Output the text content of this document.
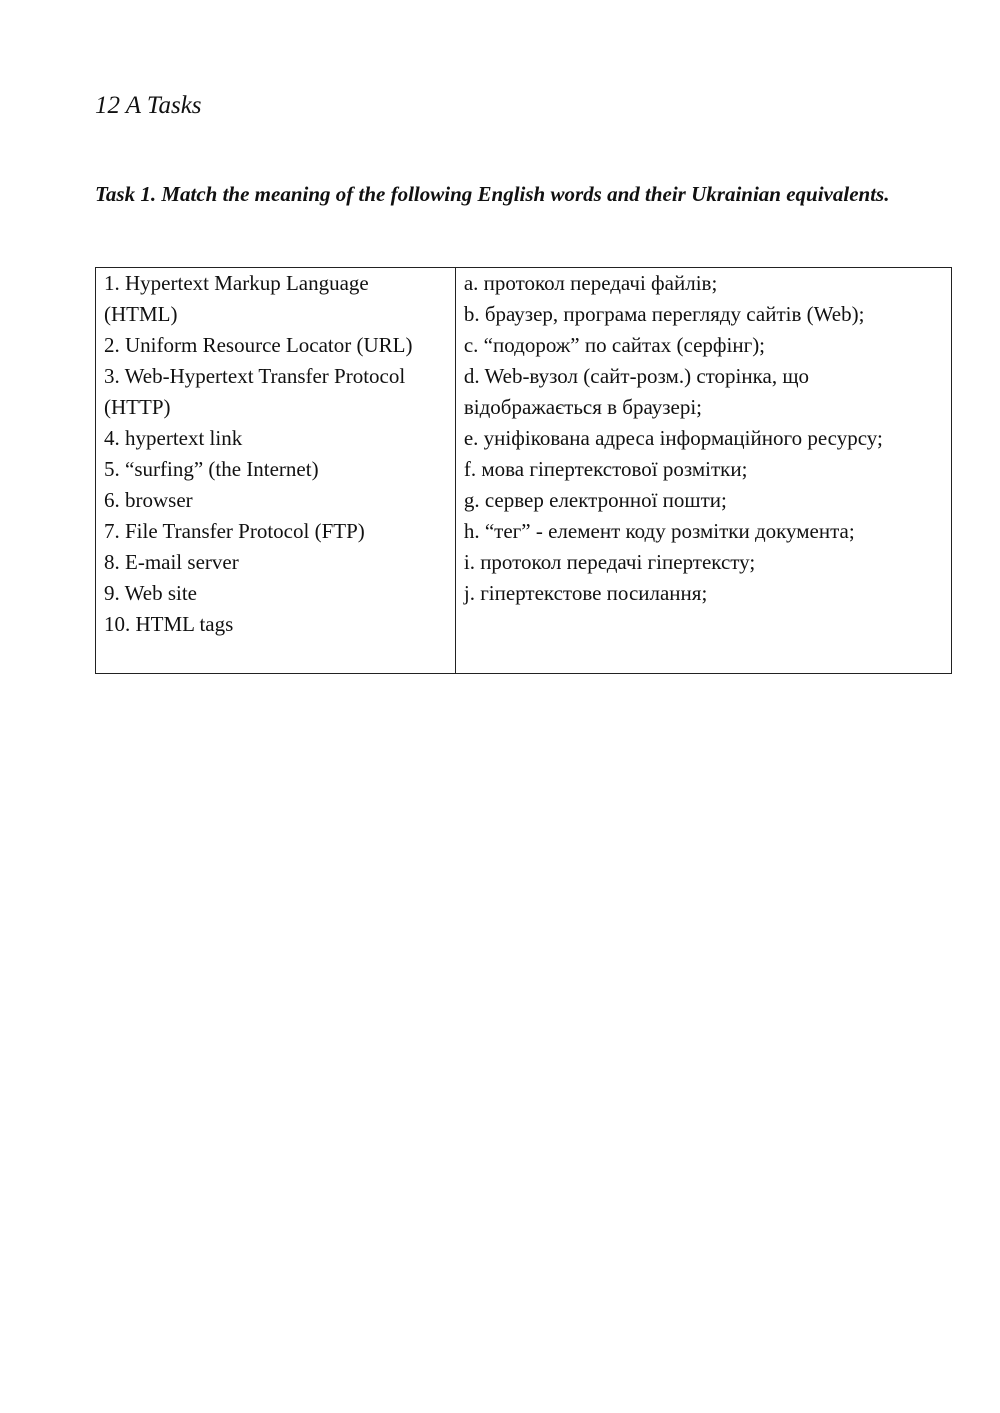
12 A Tasks

Task 1. Match the meaning of the following English words and their Ukrainian equivalents.

1. Hypertext Markup Language (HTML)
2. Uniform Resource Locator (URL)
3. Web-Hypertext Transfer Protocol (HTTP)
4. hypertext link
5. “surfing” (the Internet)
6. browser
7. File Transfer Protocol (FTP)
8. E-mail server
9. Web site
10. HTML tags

a. протокол передачі файлів;
b. браузер, програма перегляду сайтів (Web);
c. “подорож” по сайтах (серфінг);
d. Web-вузол (сайт-розм.) сторінка, що відображається в браузері;
e. уніфікована адреса інформаційного ресурсу;
f. мова гіпертекстової розмітки;
g. сервер електронної пошти;
h. “тег” - елемент коду розмітки документа;
i. протокол передачі гіпертексту;
j. гіпертекстове посилання;
